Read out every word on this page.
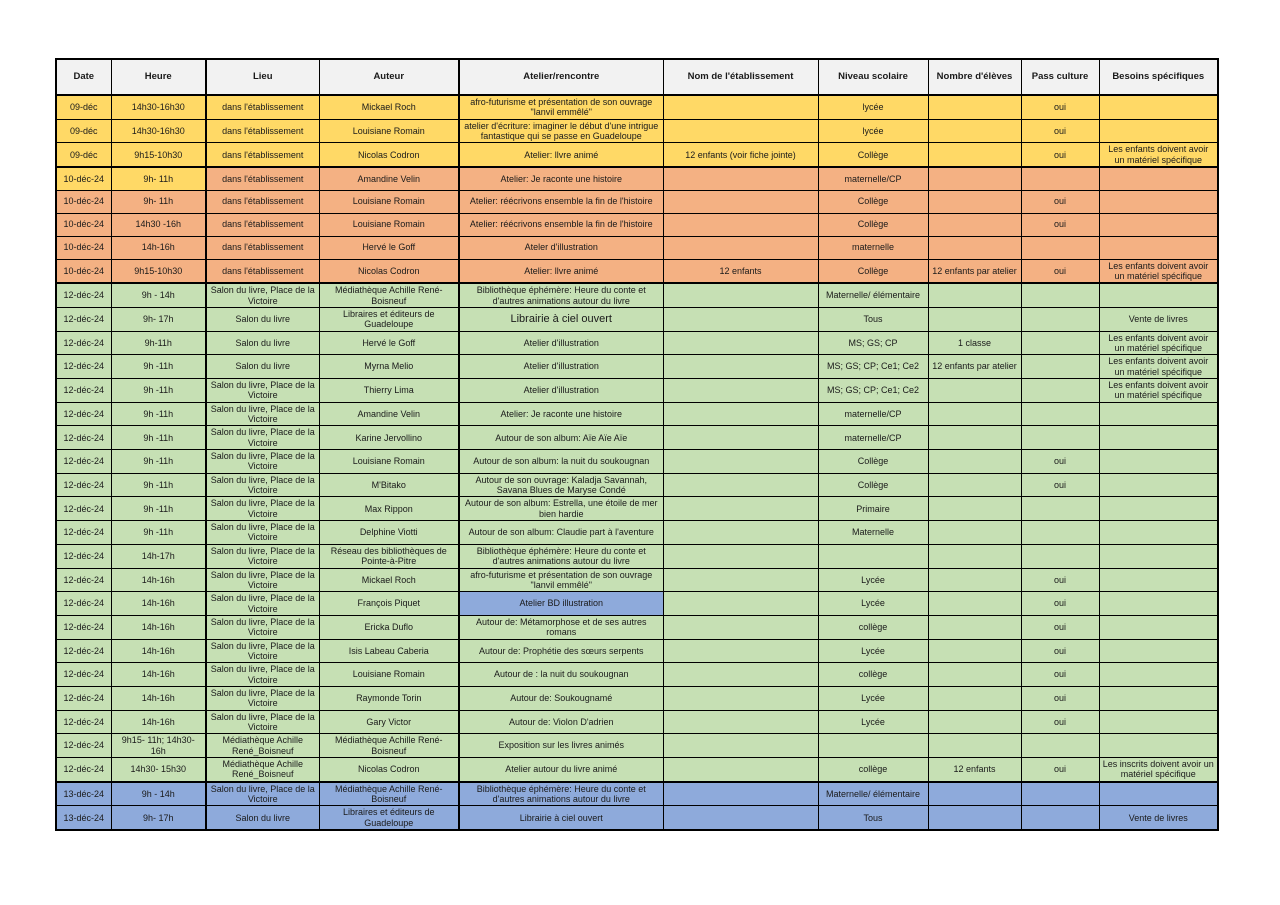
Date	Heure	Lieu	Auteur	Atelier/rencontre	Nom de l'établissement	Niveau scolaire	Nombre d'élèves	Pass culture	Besoins spécifiques
09-déc	14h30-16h30	dans l'établissement	Mickael Roch	afro-futurisme et présentation de son ouvrage "lanvil emmêlé"		lycée		oui	
09-déc	14h30-16h30	dans l'établissement	Louisiane Romain	atelier d'écriture: imaginer le début d'une intrigue fantastique qui se passe en Guadeloupe		lycée		oui	
09-déc	9h15-10h30	dans l'établissement	Nicolas Codron	Atelier: llvre animé	12 enfants (voir fiche jointe)	Collège		oui	Les enfants doivent avoir un matériel spécifique
10-déc-24	9h- 11h	dans l'établissement	Amandine Velin	Atelier: Je raconte une histoire		maternelle/CP			
10-déc-24	9h- 11h	dans l'établissement	Louisiane Romain	Atelier: réécrivons ensemble la fin de l'histoire		Collège		oui	
10-déc-24	14h30 -16h	dans l'établissement	Louisiane Romain	Atelier: réécrivons ensemble la fin de l'histoire		Collège		oui	
10-déc-24	14h-16h	dans l'établissement	Hervé le Goff	Ateler d'illustration		maternelle			
10-déc-24	9h15-10h30	dans l'établissement	Nicolas Codron	Atelier: llvre animé	12 enfants	Collège	12 enfants par atelier	oui	Les enfants doivent avoir un matériel spécifique
12-déc-24	9h - 14h	Salon du livre, Place de la Victoire	Médiathèque Achille René-Boisneuf	Bibliothèque éphémère: Heure du conte et d'autres animations autour du livre		Maternelle/ élémentaire			
12-déc-24	9h- 17h	Salon du livre	Libraires et éditeurs de Guadeloupe	Librairie à ciel ouvert		Tous			Vente de livres
12-déc-24	9h-11h	Salon du livre	Hervé le Goff	Atelier d'illustration		MS; GS; CP	1 classe		Les enfants doivent avoir un matériel spécifique
12-déc-24	9h -11h	Salon du livre	Myrna Melio	Atelier d'illustration		MS; GS; CP; Ce1; Ce2	12 enfants par atelier		Les enfants doivent avoir un matériel spécifique
12-déc-24	9h -11h	Salon du livre, Place de la Victoire	Thierry Lima	Atelier d'illustration		MS; GS; CP; Ce1; Ce2			Les enfants doivent avoir un matériel spécifique
12-déc-24	9h -11h	Salon du livre, Place de la Victoire	Amandine Velin	Atelier: Je raconte une histoire		maternelle/CP			
12-déc-24	9h -11h	Salon du livre, Place de la Victoire	Karine Jervollino	Autour de son album: Aïe Aïe Aïe		maternelle/CP			
12-déc-24	9h -11h	Salon du livre, Place de la Victoire	Louisiane Romain	Autour de son album: la nuit du soukougnan		Collège		oui	
12-déc-24	9h -11h	Salon du livre, Place de la Victoire	M'Bitako	Autour de son ouvrage: Kaladja Savannah, Savana Blues de Maryse Condé		Collège		oui	
12-déc-24	9h -11h	Salon du livre, Place de la Victoire	Max Rippon	Autour de son album: Estrella, une étoile de mer bien hardie		Primaire			
12-déc-24	9h -11h	Salon du livre, Place de la Victoire	Delphine Viotti	Autour de son album: Claudie part à l'aventure		Maternelle			
12-déc-24	14h-17h	Salon du livre, Place de la Victoire	Réseau des bibliothèques de Pointe-à-Pitre	Bibliothèque éphémère: Heure du conte et d'autres animations autour du livre					
12-déc-24	14h-16h	Salon du livre, Place de la Victoire	Mickael Roch	afro-futurisme et présentation de son ouvrage "lanvil emmêlé"		Lycée		oui	
12-déc-24	14h-16h	Salon du livre, Place de la Victoire	François Piquet	Atelier BD illustration		Lycée		oui	
12-déc-24	14h-16h	Salon du livre, Place de la Victoire	Ericka Duflo	Autour de: Métamorphose et de ses autres romans		collège		oui	
12-déc-24	14h-16h	Salon du livre, Place de la Victoire	Isis Labeau Caberia	Autour de: Prophétie des sœurs serpents		Lycée		oui	
12-déc-24	14h-16h	Salon du livre, Place de la Victoire	Louisiane Romain	Autour de : la nuit du soukougnan		collège		oui	
12-déc-24	14h-16h	Salon du livre, Place de la Victoire	Raymonde Torin	Autour de: Soukougnamé		Lycée		oui	
12-déc-24	14h-16h	Salon du livre, Place de la Victoire	Gary Victor	Autour de: Violon D'adrien		Lycée		oui	
12-déc-24	9h15- 11h; 14h30-16h	Médiathèque Achille René_Boisneuf	Médiathèque Achille René-Boisneuf	Exposition sur les livres animés					
12-déc-24	14h30- 15h30	Médiathèque Achille René_Boisneuf	Nicolas Codron	Atelier autour du livre animé		collège	12 enfants	oui	Les inscrits doivent avoir un matériel spécifique
13-déc-24	9h - 14h	Salon du livre, Place de la Victoire	Médiathèque Achille René-Boisneuf	Bibliothèque éphémère: Heure du conte et d'autres animations autour du livre		Maternelle/ élémentaire			
13-déc-24	9h- 17h	Salon du livre	Libraires et éditeurs de Guadeloupe	Librairie à ciel ouvert		Tous			Vente de livres
